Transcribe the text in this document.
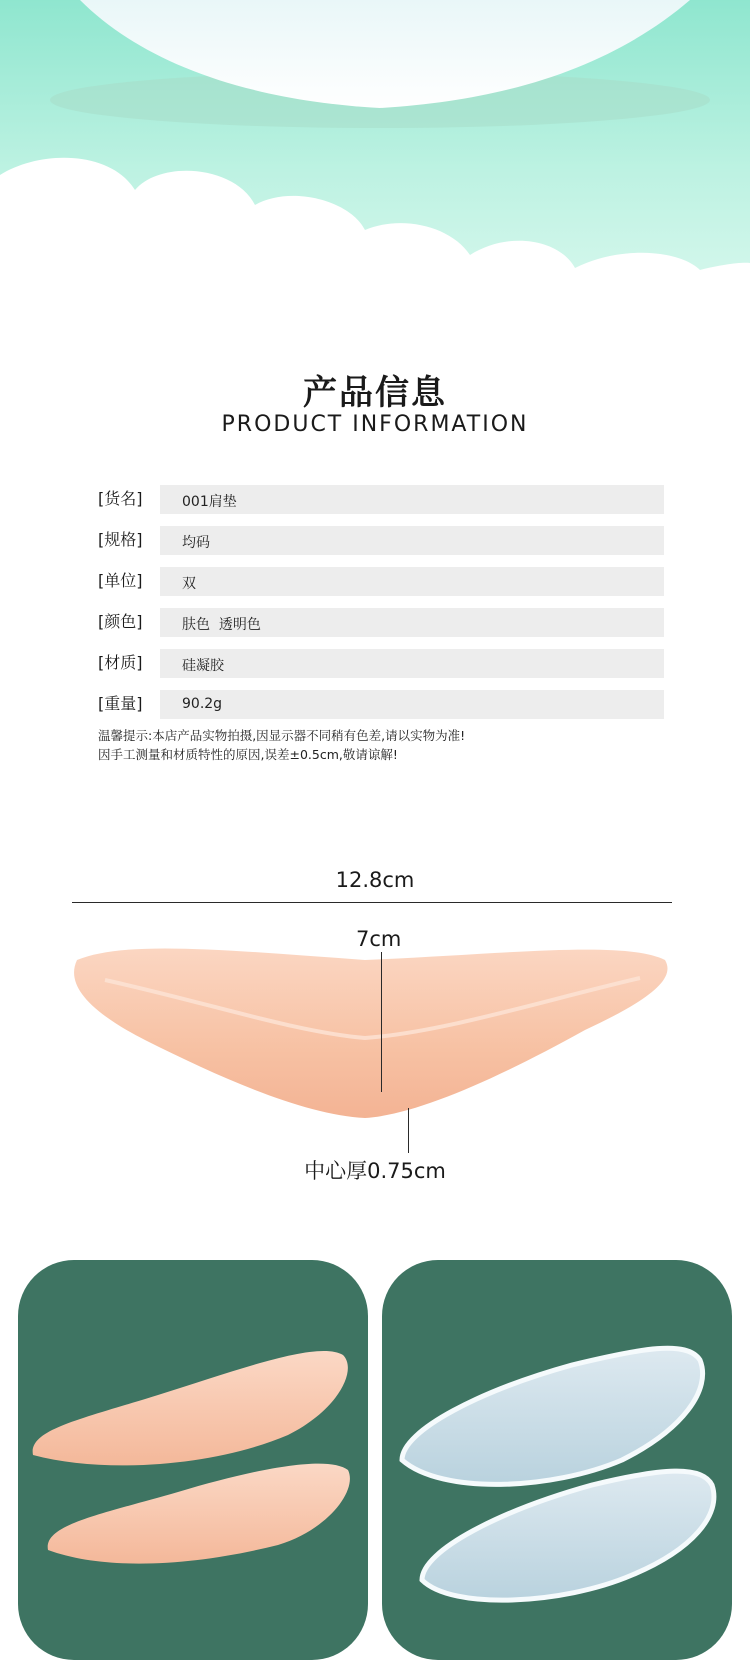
产品信息
PRODUCT INFORMATION
[货名]	001肩垫
[规格]	均码
[单位]	双
[颜色]	肤色  透明色
[材质]	硅凝胶
[重量]	90.2g
温馨提示:本店产品实物拍摄,因显示器不同稍有色差,请以实物为准!
因手工测量和材质特性的原因,误差±0.5cm,敬请谅解!
12.8cm
7cm
中心厚0.75cm
